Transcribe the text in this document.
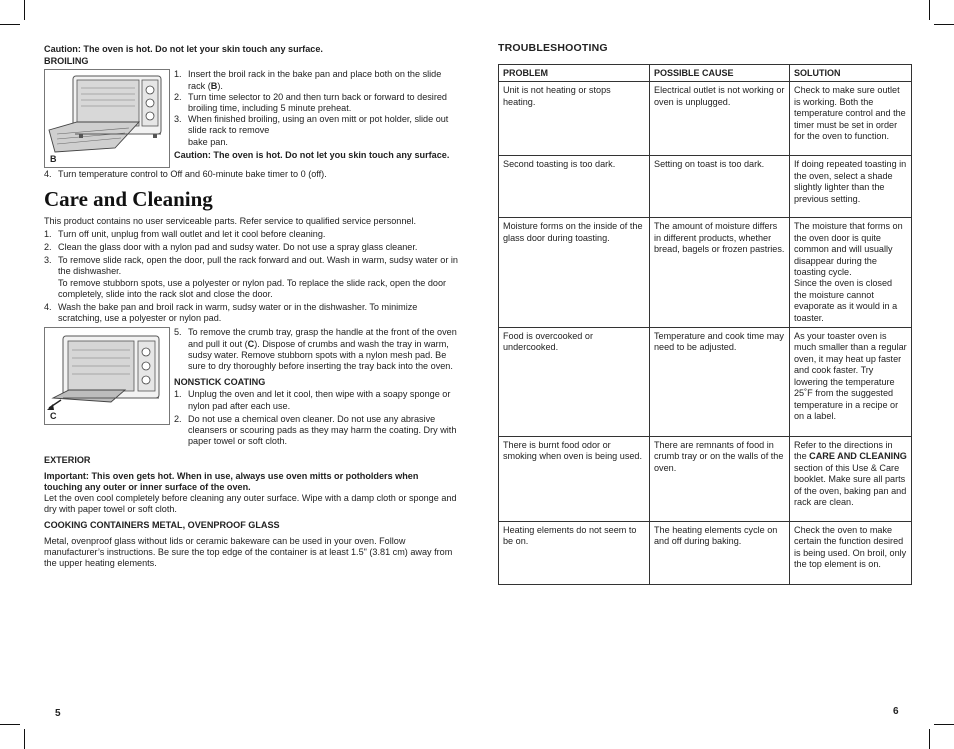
Caution: The oven is hot. Do not let your skin touch any surface.
BROILING
B
1. Insert the broil rack in the bake pan and place both on the slide rack (B).
2. Turn time selector to 20 and then turn back or forward to desired broiling time, including 5 minute preheat.
3. When finished broiling, using an oven mitt or pot holder, slide out slide rack to remove
bake pan.
Caution: The oven is hot. Do not let you skin touch any surface.
4. Turn temperature control to Off and 60-minute bake timer to 0 (off).
Care and Cleaning
This product contains no user serviceable parts. Refer service to qualified service personnel.
1. Turn off unit, unplug from wall outlet and let it cool before cleaning.
2. Clean the glass door with a nylon pad and sudsy water. Do not use a spray glass cleaner.
3. To remove slide rack, open the door, pull the rack forward and out. Wash in warm, sudsy water or in the dishwasher.
To remove stubborn spots, use a polyester or nylon pad. To replace the slide rack, open the door completely, slide into the rack slot and close the door.
4. Wash the bake pan and broil rack in warm, sudsy water or in the dishwasher. To minimize scratching, use a polyester or nylon pad.
C
5. To remove the crumb tray, grasp the handle at the front of the oven and pull it out (C). Dispose of crumbs and wash the tray in warm, sudsy water. Remove stubborn spots with a nylon mesh pad. Be sure to dry thoroughly before inserting the tray back into the oven.
NONSTICK COATING
1. Unplug the oven and let it cool, then wipe with a soapy sponge or nylon pad after each use.
2. Do not use a chemical oven cleaner. Do not use any abrasive cleansers or scouring pads as they may harm the coating. Dry with paper towel or soft cloth.
EXTERIOR
Important: This oven gets hot. When in use, always use oven mitts or potholders when touching any outer or inner surface of the oven.
Let the oven cool completely before cleaning any outer surface. Wipe with a damp cloth or sponge and dry with paper towel or soft cloth.
COOKING CONTAINERS METAL, OVENPROOF GLASS
Metal, ovenproof glass without lids or ceramic bakeware can be used in your oven. Follow manufacturer’s instructions. Be sure the top edge of the container is at least 1.5" (3.81 cm) away from the upper heating elements.
5
TROUBLESHOOTING
PROBLEM	POSSIBLE CAUSE	SOLUTION
Unit is not heating or stops heating.	Electrical outlet is not working or oven is unplugged.	Check to make sure outlet is working. Both the temperature control and the timer must be set in order for the oven to function.
Second toasting is too dark.	Setting on toast is too dark.	If doing repeated toasting in the oven, select a shade slightly lighter than the previous setting.
Moisture forms on the inside of the glass door during toasting.	The amount of moisture differs in different products, whether bread, bagels or frozen pastries.	The moisture that forms on the oven door is quite common and will usually disappear during the toasting cycle.
Since the oven is closed the moisture cannot evaporate as it would in a toaster.
Food is overcooked or undercooked.	Temperature and cook time may need to be adjusted.	As your toaster oven is much smaller than a regular oven, it may heat up faster and cook faster. Try lowering the temperature 25˚F from the suggested temperature in a recipe or on a label.
There is burnt food odor or smoking when oven is being used.	There are remnants of food in crumb tray or on the walls of the oven.	Refer to the directions in the CARE AND CLEANING section of this Use & Care booklet. Make sure all parts of the oven, baking pan and rack are clean.
Heating elements do not seem to be on.	The heating elements cycle on and off during baking.	Check the oven to make certain the function desired is being used. On broil, only the top element is on.
6
